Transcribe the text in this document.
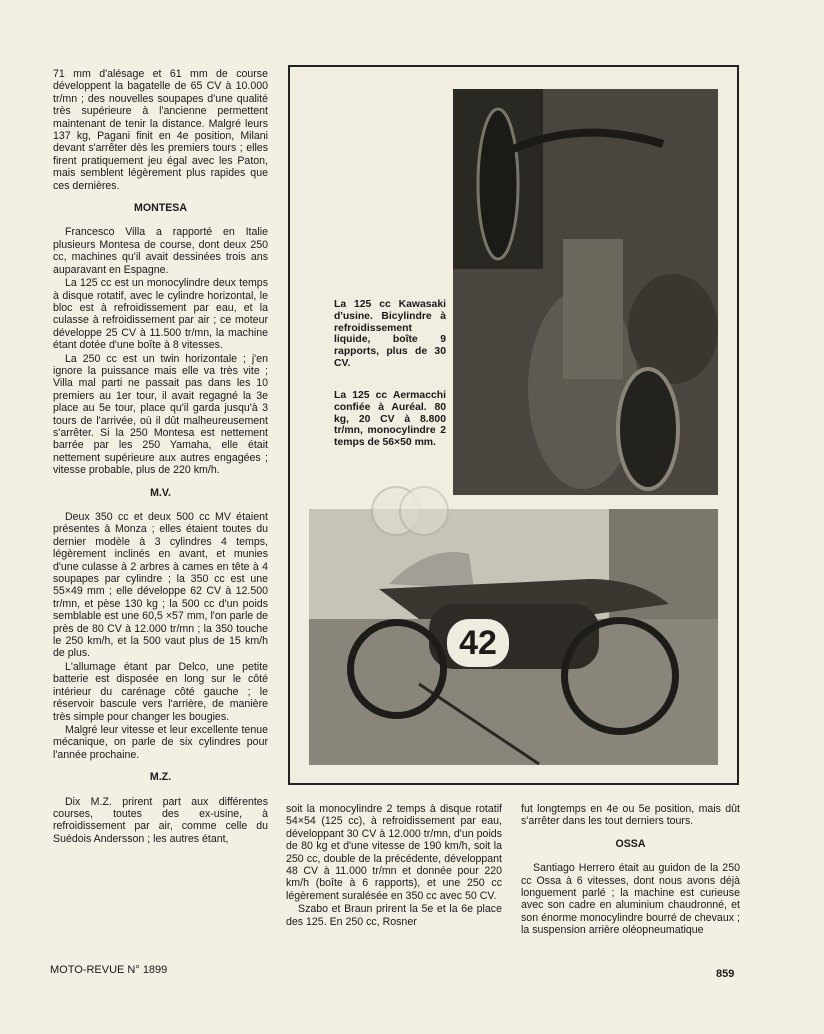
71 mm d'alésage et 61 mm de course développent la bagatelle de 65 CV à 10.000 tr/mn ; des nouvelles soupapes d'une qualité très supérieure à l'ancienne permettent maintenant de tenir la distance. Malgré leurs 137 kg, Pagani finit en 4e position, Milani devant s'arrêter dès les premiers tours ; elles firent pratiquement jeu égal avec les Paton, mais semblent légèrement plus rapides que ces dernières.

MONTESA

Francesco Villa a rapporté en Italie plusieurs Montesa de course, dont deux 250 cc, machines qu'il avait dessinées trois ans auparavant en Espagne.

La 125 cc est un monocylindre deux temps à disque rotatif, avec le cylindre horizontal, le bloc est à refroidissement par eau, et la culasse à refroidissement par air ; ce moteur développe 25 CV à 11.500 tr/mn, la machine étant dotée d'une boîte à 8 vitesses.

La 250 cc est un twin horizontale ; j'en ignore la puissance mais elle va très vite ; Villa mal parti ne passait pas dans les 10 premiers au 1er tour, il avait regagné la 3e place au 5e tour, place qu'il garda jusqu'à 3 tours de l'arrivée, où il dût malheureusement s'arrêter. Si la 250 Montesa est nettement barrée par les 250 Yamaha, elle était nettement supérieure aux autres engagées ; vitesse probable, plus de 220 km/h.

M.V.

Deux 350 cc et deux 500 cc MV étaient présentes à Monza ; elles étaient toutes du dernier modèle à 3 cylindres 4 temps, légèrement inclinés en avant, et munies d'une culasse à 2 arbres à cames en tête à 4 soupapes par cylindre ; la 350 cc est une 55×49 mm ; elle développe 62 CV à 12.500 tr/mn, et pèse 130 kg ; la 500 cc d'un poids semblable est une 60,5 ×57 mm, l'on parle de près de 80 CV à 12.000 tr/mn ; la 350 touche le 250 km/h, et la 500 vaut plus de 15 km/h de plus.

L'allumage étant par Delco, une petite batterie est disposée en long sur le côté intérieur du carénage côté gauche ; le réservoir bascule vers l'arrière, de manière très simple pour changer les bougies.

Malgré leur vitesse et leur excellente tenue mécanique, on parle de six cylindres pour l'année prochaine.

M.Z.

Dix M.Z. prirent part aux différentes courses, toutes des ex-usine, à refroidissement par air, comme celle du Suédois Andersson ; les autres étant,

42
La 125 cc Kawasaki d'usine. Bicylindre à refroidissement liquide, boîte 9 rapports, plus de 30 CV.
La 125 cc Aermacchi confiée à Auréal. 80 kg, 20 CV à 8.800 tr/mn, monocylindre 2 temps de 56×50 mm.

soit la monocylindre 2 temps à disque rotatif 54×54 (125 cc), à refroidissement par eau, développant 30 CV à 12.000 tr/mn, d'un poids de 80 kg et d'une vitesse de 190 km/h, soit la 250 cc, double de la précédente, développant 48 CV à 11.000 tr/mn et donnée pour 220 km/h (boîte à 6 rapports), et une 250 cc légèrement suralésée en 350 cc avec 50 CV.

Szabo et Braun prirent la 5e et la 6e place des 125. En 250 cc, Rosner

fut longtemps en 4e ou 5e position, mais dût s'arrêter dans les tout derniers tours.

OSSA

Santiago Herrero était au guidon de la 250 cc Ossa à 6 vitesses, dont nous avons déjà longuement parlé ; la machine est curieuse avec son cadre en aluminium chaudronné, et son énorme monocylindre bourré de chevaux ; la suspension arrière oléopneumatique

MOTO-REVUE N° 1899	859
